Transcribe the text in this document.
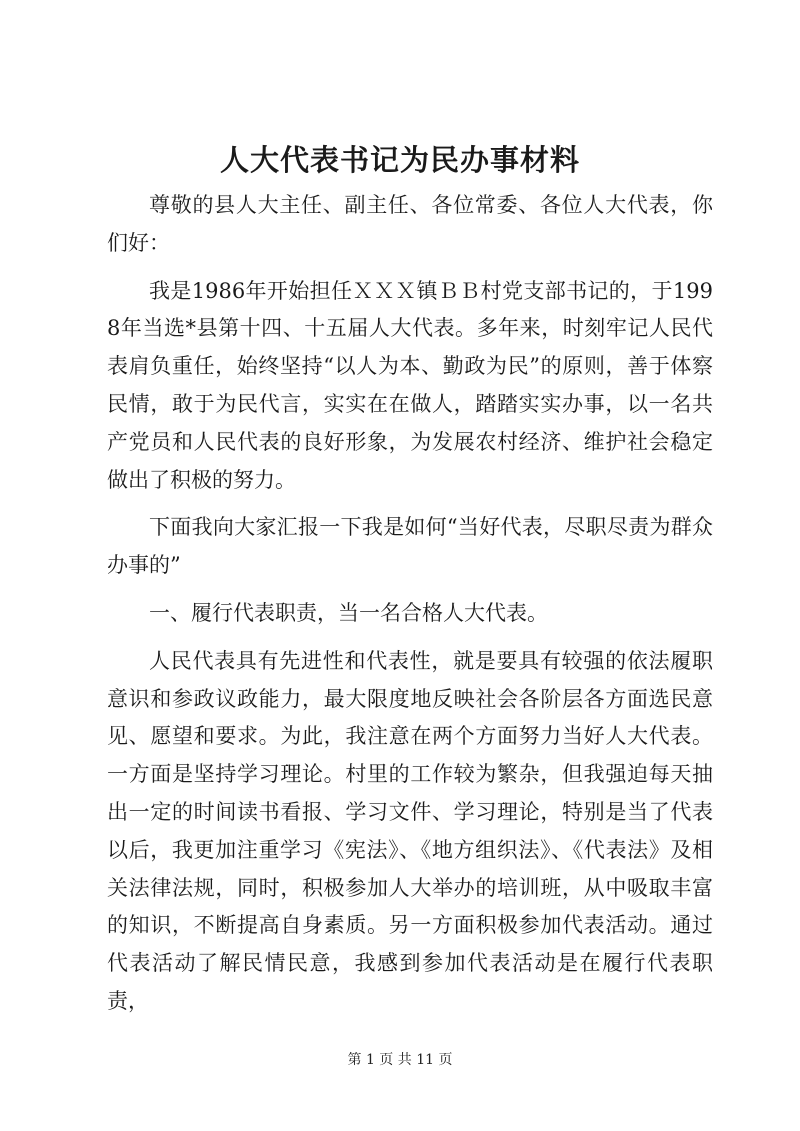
人大代表书记为民办事材料

尊敬的县人大主任、副主任、各位常委、各位人大代表，你们好：

我是1986年开始担任ＸＸＸ镇ＢＢ村党支部书记的，于1998年当选*县第十四、十五届人大代表。多年来，时刻牢记人民代表肩负重任，始终坚持“以人为本、勤政为民”的原则，善于体察民情，敢于为民代言，实实在在做人，踏踏实实办事，以一名共产党员和人民代表的良好形象，为发展农村经济、维护社会稳定做出了积极的努力。

下面我向大家汇报一下我是如何“当好代表，尽职尽责为群众办事的”

一、履行代表职责，当一名合格人大代表。

人民代表具有先进性和代表性，就是要具有较强的依法履职意识和参政议政能力，最大限度地反映社会各阶层各方面选民意见、愿望和要求。为此，我注意在两个方面努力当好人大代表。一方面是坚持学习理论。村里的工作较为繁杂，但我强迫每天抽出一定的时间读书看报、学习文件、学习理论，特别是当了代表以后，我更加注重学习《宪法》、《地方组织法》、《代表法》及相关法律法规，同时，积极参加人大举办的培训班，从中吸取丰富的知识，不断提高自身素质。另一方面积极参加代表活动。通过代表活动了解民情民意，我感到参加代表活动是在履行代表职责，

第 1 页 共 11 页
